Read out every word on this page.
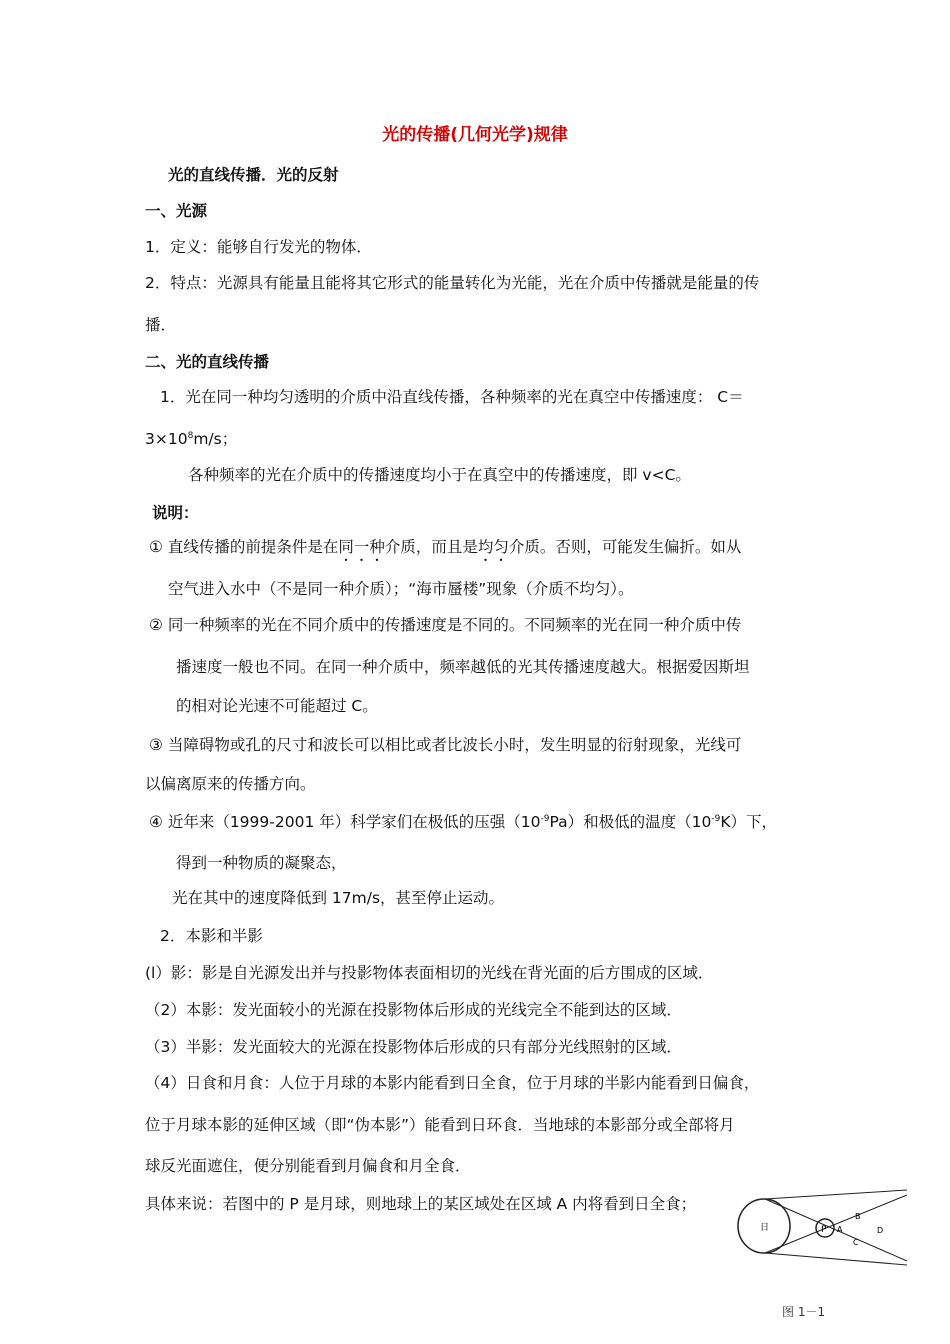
光的传播(几何光学)规律
光的直线传播．光的反射
一、光源
1．定义：能够自行发光的物体．
2．特点：光源具有能量且能将其它形式的能量转化为光能，光在介质中传播就是能量的传
播．
二、光的直线传播
1．光在同一种均匀透明的介质中沿直线传播，各种频率的光在真空中传播速度： C＝
$3\times 10^8m/s$；
各种频率的光在介质中的传播速度均小于在真空中的传播速度，即 v<C。
说明：
① 直线传播的前提条件是在同一种介质，而且是均匀介质。否则，可能发生偏折。如从
空气进入水中（不是同一种介质）；“海市蜃楼”现象（介质不均匀）。
② 同一种频率的光在不同介质中的传播速度是不同的。不同频率的光在同一种介质中传
播速度一般也不同。在同一种介质中，频率越低的光其传播速度越大。根据爱因斯坦
的相对论光速不可能超过 C。
③ 当障碍物或孔的尺寸和波长可以相比或者比波长小时，发生明显的衍射现象，光线可
以偏离原来的传播方向。
④ 近年来（1999-2001 年）科学家们在极低的压强$(10^{-9}Pa)$和极低的温度$(10^{-9}K)$下，
得到一种物质的凝聚态，
光在其中的速度降低到 17m/s，甚至停止运动。
2．本影和半影
(l）影：影是自光源发出并与投影物体表面相切的光线在背光面的后方围成的区域．
（2）本影：发光面较小的光源在投影物体后形成的光线完全不能到达的区域．
（3）半影：发光面较大的光源在投影物体后形成的只有部分光线照射的区域．
（4）日食和月食：人位于月球的本影内能看到日全食，位于月球的半影内能看到日偏食，
位于月球本影的延伸区域（即“伪本影”）能看到日环食．当地球的本影部分或全部将月
球反光面遮住，便分别能看到月偏食和月全食．
具体来说：若图中的 P 是月球，则地球上的某区域处在区域 A 内将看到日全食；
日	P A
B
C
D
图 1－1
